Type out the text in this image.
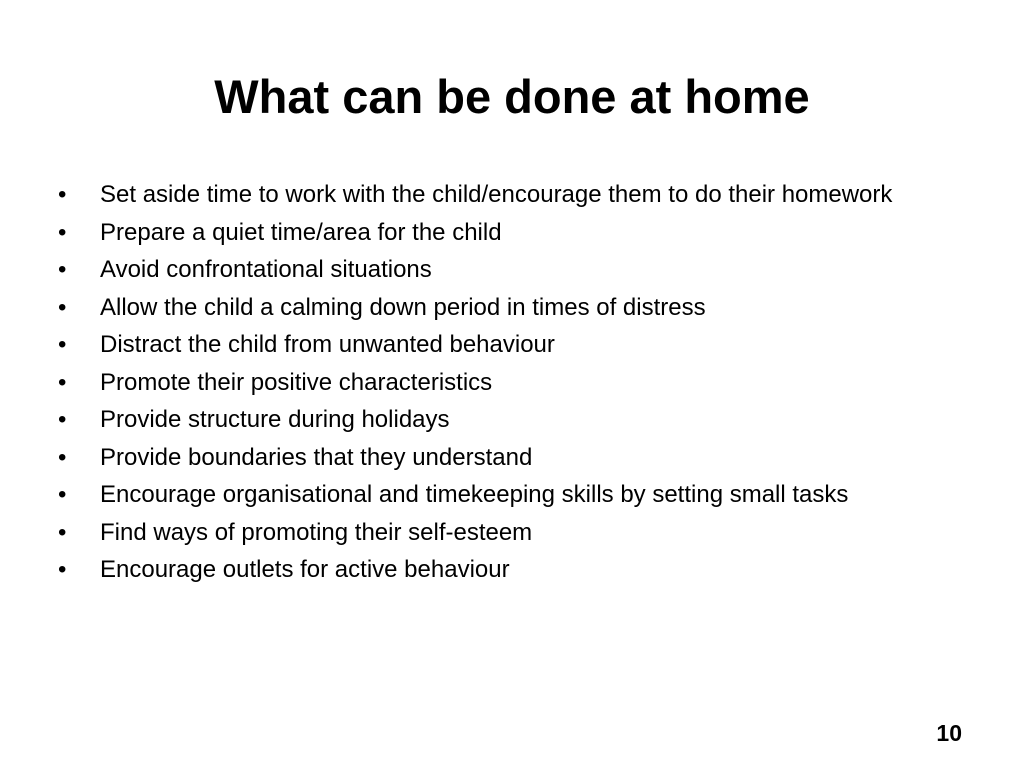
What can be done at home
•	Set aside time to work with the child/encourage them to do their homework
•	Prepare a quiet time/area for the child
•	Avoid confrontational situations
•	Allow the child a calming down period in times of distress
•	Distract the child from unwanted behaviour
•	Promote their positive characteristics
•	Provide structure during holidays
•	Provide boundaries that they understand
•	Encourage organisational and timekeeping skills by setting small tasks
•	Find ways of promoting their self-esteem
•	Encourage outlets for active behaviour
10
